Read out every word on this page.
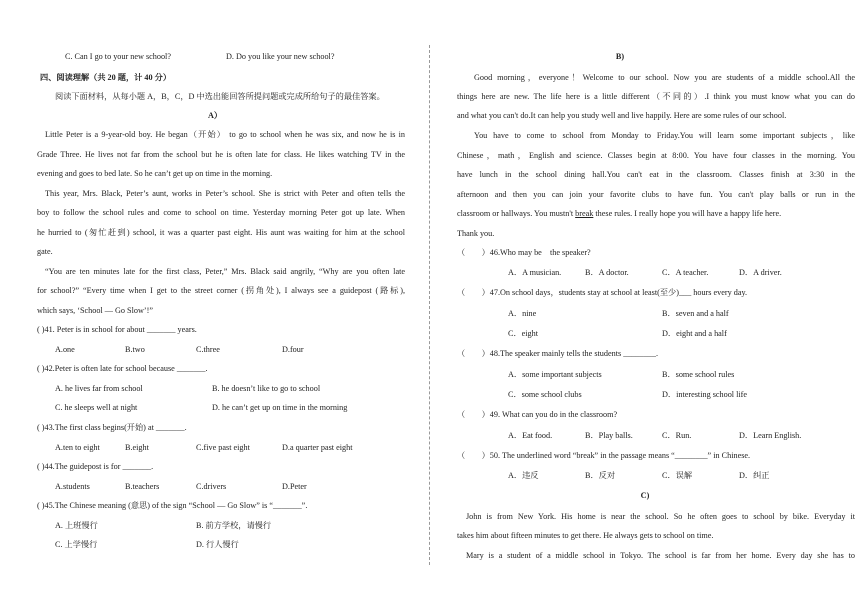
C. Can I go to your new school?	D. Do you like your new school?
四、阅读理解（共 20 题，计 40 分）
阅读下面材料，从每小题 A，B，C，D 中选出能回答所提问题或完成所给句子的最佳答案。
A）
Little Peter is a 9-year-old boy. He began（开始） to go to school when he was six, and now he is in
Grade Three. He lives not far from the school but he is often late for class. He likes watching TV in the
evening and goes to bed late. So he can’t get up on time in the morning.
This year, Mrs. Black, Peter’s aunt, works in Peter’s school. She is strict with Peter and often tells the
boy to follow the school rules and come to school on time. Yesterday morning Peter got up late. When
he hurried to (匆忙赶到) school, it was a quarter past eight. His aunt was waiting for him at the school
gate.
“You are ten minutes late for the first class, Peter,” Mrs. Black said angrily, “Why are you often late
for school?” “Every time when I get to the street corner (拐角处), I always see a guidepost (路标),
which says, ‘School — Go Slow’!”
( )41. Peter is in school for about _______ years.
A.one	B.two	C.three	D.four
( )42.Peter is often late for school because _______.
A. he lives far from school	B. he doesn’t like to go to school
C. he sleeps well at night	D. he can’t get up on time in the morning
( )43.The first class begins(开始) at _______.
A.ten to eight	B.eight	C.five past eight	D.a quarter past eight
( )44.The guidepost is for _______.
A.students	B.teachers	C.drivers	D.Peter
( )45.The Chinese meaning (意思) of the sign “School — Go Slow” is “_______”.
A. 上班慢行	B. 前方学校，请慢行
C. 上学慢行	D. 行人慢行
B)
Good morning，everyone！Welcome to our school. Now you are students of a middle school.All the
things here are new. The life here is a little different（不同的）.I think you must know what you can do
and what you can't do.It can help you study well and live happily. Here are some rules of our school.
You have to come to school from Monday to Friday.You will learn some important subjects，like
Chinese，math，English and science. Classes begin at 8:00. You have four classes in the morning. You
have lunch in the school dining hall.You can't eat in the classroom. Classes finish at 3:30 in the
afternoon and then you can join your favorite clubs to have fun. You can't play balls or run in the
classroom or hallways. You mustn't break these rules. I really hope you will have a happy life here.
Thank you.
（　　）46.Who may be　the speaker?
A．A musician.	B．A doctor.	C．A teacher.	D．A driver.
（　　）47.On school days，students stay at school at least(至少)___ hours every day.
A．nine	B．seven and a half
C．eight	D．eight and a half
（　　）48.The speaker mainly tells the students ________.
A．some important subjects	B．some school rules
C．some school clubs	D．interesting school life
（　　）49. What can you do in the classroom?
A．Eat food.	B．Play balls.	C．Run.	D．Learn English.
（　　）50. The underlined word “break” in the passage means “________” in Chinese.
A．违反	B．反对	C．误解	D．纠正
C)
John is from New York. His home is near the school. So he often goes to school by bike. Everyday it
takes him about fifteen minutes to get there. He always gets to school on time.
Mary is a student of a middle school in Tokyo. The school is far from her home. Every day she has to
